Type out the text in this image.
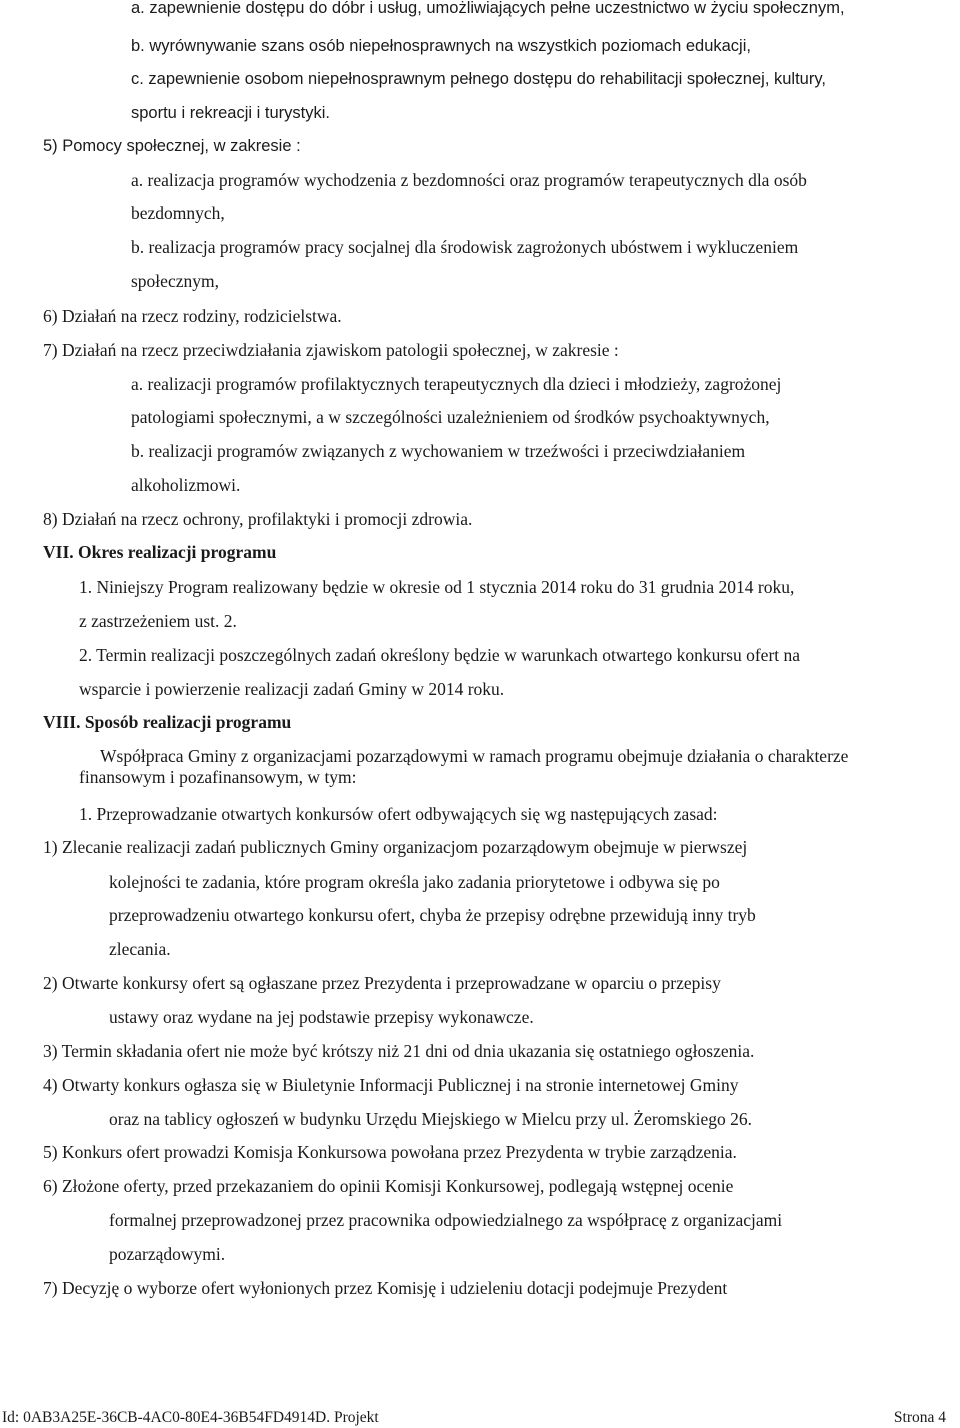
a. zapewnienie dostępu do dóbr i usług, umożliwiających pełne uczestnictwo w życiu społecznym,
b. wyrównywanie szans osób niepełnosprawnych na wszystkich poziomach edukacji,
c. zapewnienie osobom niepełnosprawnym pełnego dostępu do rehabilitacji społecznej, kultury,
sportu i rekreacji i turystyki.
5) Pomocy społecznej, w zakresie :
a. realizacja programów wychodzenia z bezdomności oraz programów terapeutycznych dla osób
bezdomnych,
b. realizacja programów pracy socjalnej dla środowisk zagrożonych ubóstwem i wykluczeniem
społecznym,
6) Działań na rzecz rodziny, rodzicielstwa.
7) Działań na rzecz przeciwdziałania zjawiskom patologii społecznej, w zakresie :
a. realizacji programów profilaktycznych terapeutycznych dla dzieci i młodzieży, zagrożonej
patologiami społecznymi, a w szczególności uzależnieniem od środków psychoaktywnych,
b. realizacji programów związanych z wychowaniem w trzeźwości i przeciwdziałaniem
alkoholizmowi.
8) Działań na rzecz ochrony, profilaktyki i promocji zdrowia.
VII. Okres realizacji programu
1. Niniejszy Program realizowany będzie w okresie od 1 stycznia 2014 roku do 31 grudnia 2014 roku,
z zastrzeżeniem ust. 2.
2. Termin realizacji poszczególnych zadań określony będzie w warunkach otwartego konkursu ofert na
wsparcie i powierzenie realizacji zadań Gminy w 2014 roku.
VIII. Sposób realizacji programu
Współpraca Gminy z organizacjami pozarządowymi w ramach programu obejmuje działania o charakterze
finansowym i pozafinansowym, w tym:
1. Przeprowadzanie otwartych konkursów ofert odbywających się wg następujących zasad:
1) Zlecanie realizacji zadań publicznych Gminy organizacjom pozarządowym obejmuje w pierwszej
kolejności te zadania, które program określa jako zadania priorytetowe i odbywa się po
przeprowadzeniu otwartego konkursu ofert, chyba że przepisy odrębne przewidują inny tryb
zlecania.
2) Otwarte konkursy ofert są ogłaszane przez Prezydenta i przeprowadzane w oparciu o przepisy
ustawy oraz wydane na jej podstawie przepisy wykonawcze.
3) Termin składania ofert nie może być krótszy niż 21 dni od dnia ukazania się ostatniego ogłoszenia.
4) Otwarty konkurs ogłasza się w Biuletynie Informacji Publicznej i na stronie internetowej Gminy
oraz na tablicy ogłoszeń w budynku Urzędu Miejskiego w Mielcu przy ul. Żeromskiego 26.
5) Konkurs ofert prowadzi Komisja Konkursowa powołana przez Prezydenta w trybie zarządzenia.
6) Złożone oferty, przed przekazaniem do opinii Komisji Konkursowej, podlegają wstępnej ocenie
formalnej przeprowadzonej przez pracownika odpowiedzialnego za współpracę z organizacjami
pozarządowymi.
7) Decyzję o wyborze ofert wyłonionych przez Komisję i udzieleniu dotacji podejmuje Prezydent
Id: 0AB3A25E-36CB-4AC0-80E4-36B54FD4914D. Projekt	Strona 4
